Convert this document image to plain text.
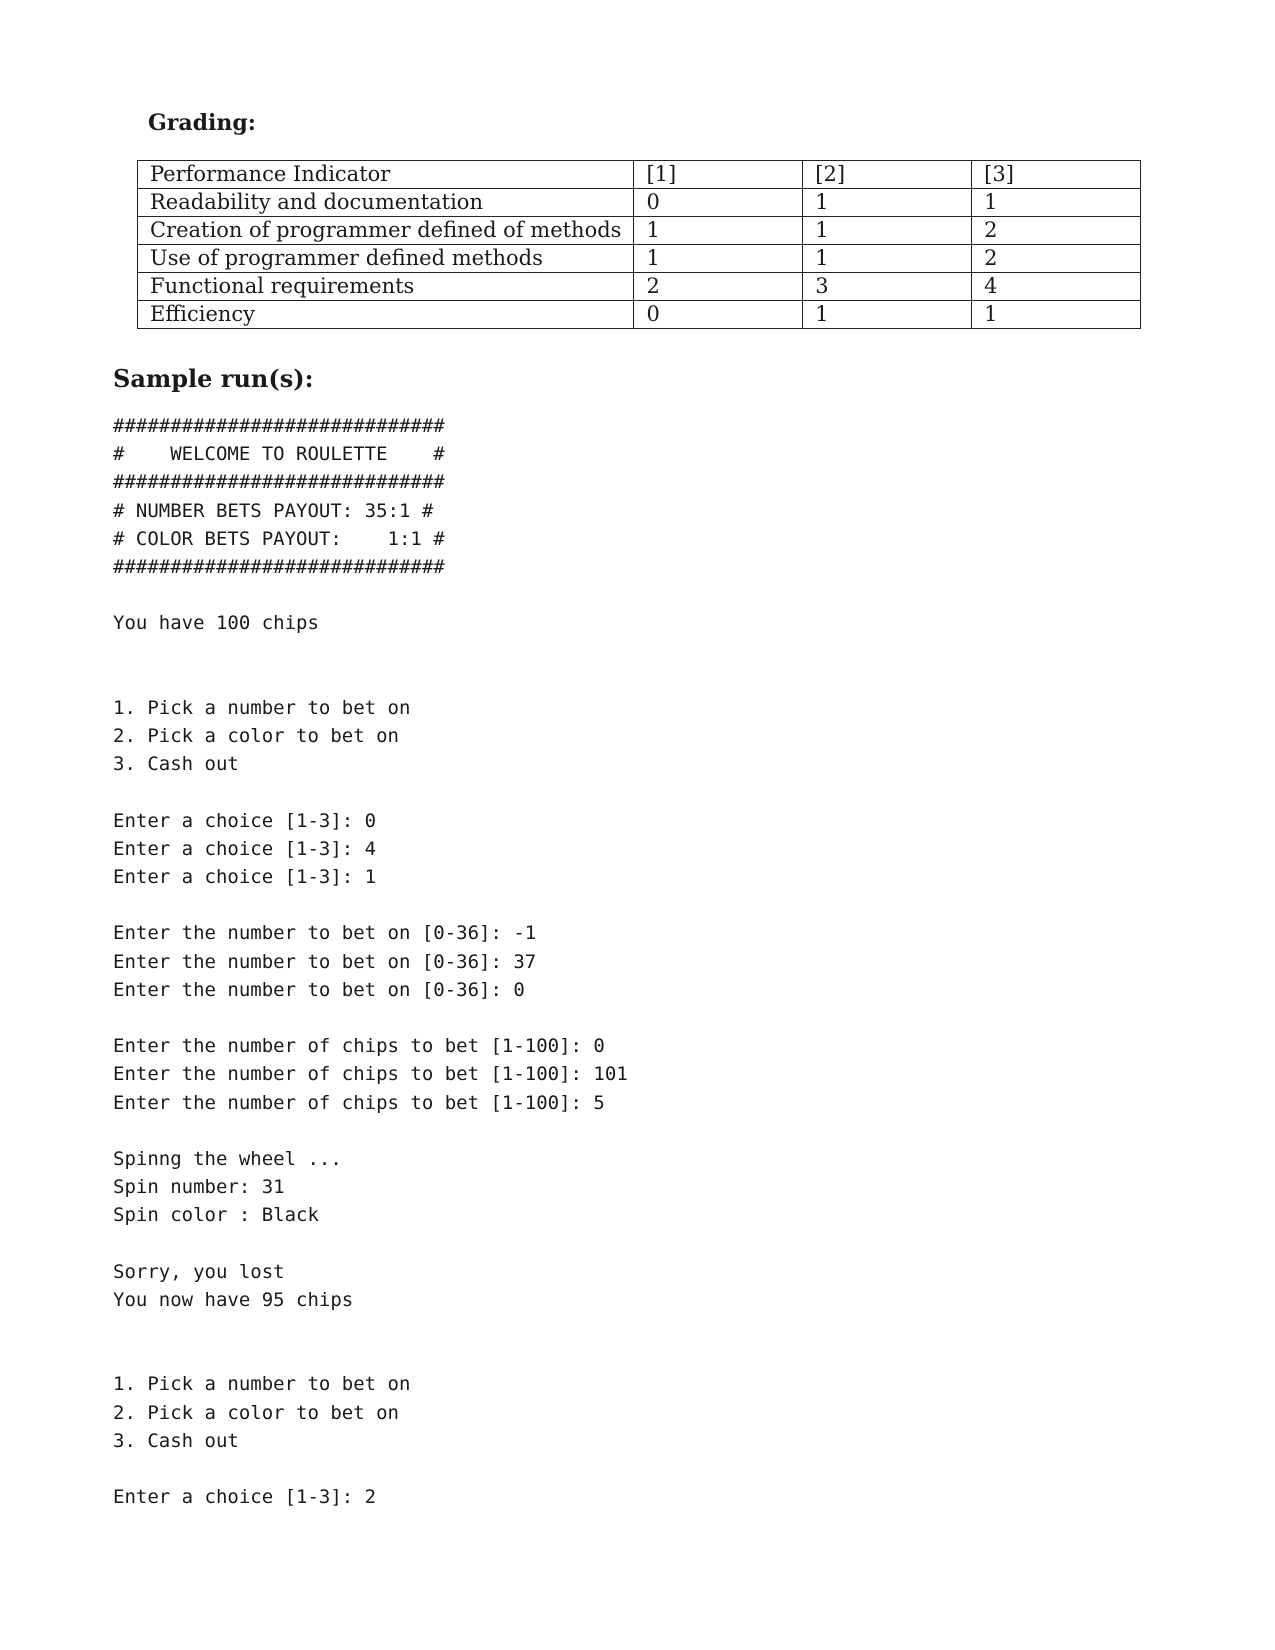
Grading:
Performance Indicator	[1]	[2]	[3]
Readability and documentation	0	1	1
Creation of programmer defined of methods	1	1	2
Use of programmer defined methods	1	1	2
Functional requirements	2	3	4
Efficiency	0	1	1
Sample run(s):
#############################
#    WELCOME TO ROULETTE    #
#############################
# NUMBER BETS PAYOUT: 35:1 #
# COLOR BETS PAYOUT:    1:1 #
#############################
You have 100 chips
1. Pick a number to bet on
2. Pick a color to bet on
3. Cash out
Enter a choice [1-3]: 0
Enter a choice [1-3]: 4
Enter a choice [1-3]: 1
Enter the number to bet on [0-36]: -1
Enter the number to bet on [0-36]: 37
Enter the number to bet on [0-36]: 0
Enter the number of chips to bet [1-100]: 0
Enter the number of chips to bet [1-100]: 101
Enter the number of chips to bet [1-100]: 5
Spinng the wheel ...
Spin number: 31
Spin color : Black
Sorry, you lost
You now have 95 chips
1. Pick a number to bet on
2. Pick a color to bet on
3. Cash out
Enter a choice [1-3]: 2
